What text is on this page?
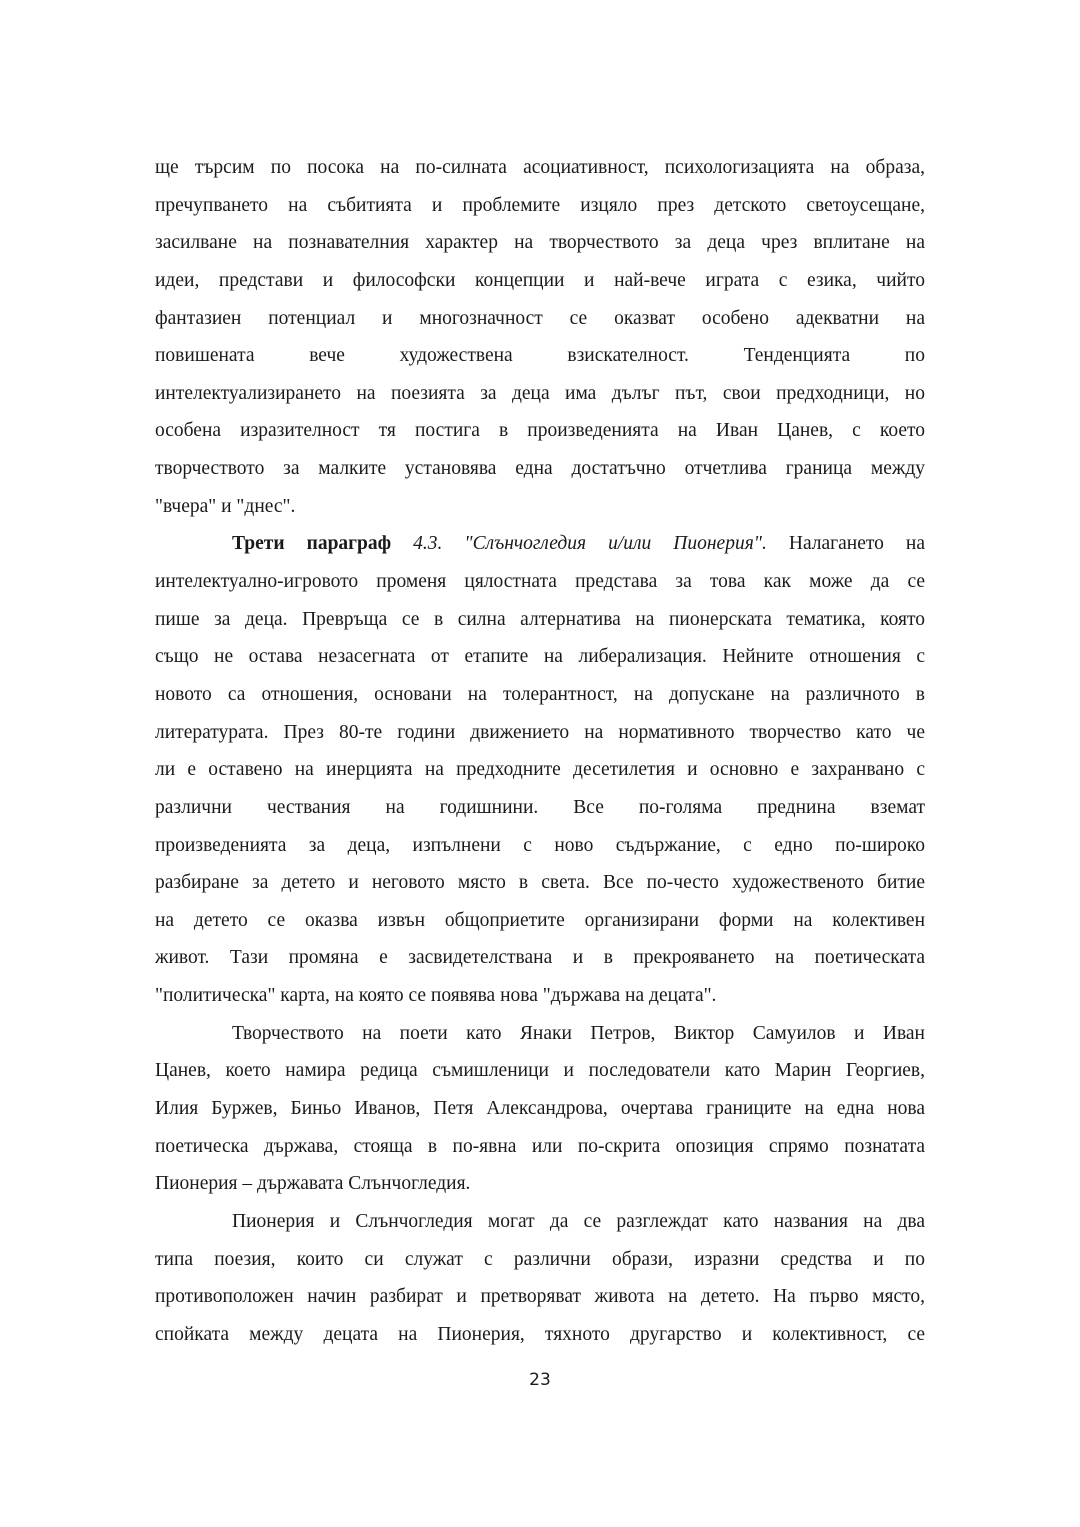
ще търсим по посока на по-силната асоциативност, психологизацията на образа,
пречупването на събитията и проблемите изцяло през детското светоусещане,
засилване на познавателния характер на творчеството за деца чрез вплитане на
идеи, представи и философски концепции и най-вече играта с езика, чийто
фантазиен потенциал и многозначност се оказват особено адекватни на
повишената вече художествена взискателност. Тенденцията по
интелектуализирането на поезията за деца има дълъг път, свои предходници, но
особена изразителност тя постига в произведенията на Иван Цанев, с което
творчеството за малките установява една достатъчно отчетлива граница между
"вчера" и "днес".
Трети параграф 4.3. "Слънчогледия и/или Пионерия". Налагането на
интелектуално-игровото променя цялостната представа за това как може да се
пише за деца. Превръща се в силна алтернатива на пионерската тематика, която
също не остава незасегната от етапите на либерализация. Нейните отношения с
новото са отношения, основани на толерантност, на допускане на различното в
литературата. През 80-те години движението на нормативното творчество като че
ли е оставено на инерцията на предходните десетилетия и основно е захранвано с
различни чествания на годишнини. Все по-голяма преднина вземат
произведенията за деца, изпълнени с ново съдържание, с едно по-широко
разбиране за детето и неговото място в света. Все по-често художественото битие
на детето се оказва извън общоприетите организирани форми на колективен
живот. Тази промяна е засвидетелствана и в прекрояването на поетическата
"политическа" карта, на която се появява нова "държава на децата".
Творчеството на поети като Янаки Петров, Виктор Самуилов и Иван
Цанев, което намира редица съмишленици и последователи като Марин Георгиев,
Илия Буржев, Биньо Иванов, Петя Александрова, очертава границите на една нова
поетическа държава, стояща в по-явна или по-скрита опозиция спрямо познатата
Пионерия – държавата Слънчогледия.
Пионерия и Слънчогледия могат да се разглеждат като названия на два
типа поезия, които си служат с различни образи, изразни средства и по
противоположен начин разбират и претворяват живота на детето. На първо място,
спойката между децата на Пионерия, тяхното другарство и колективност, се
23
